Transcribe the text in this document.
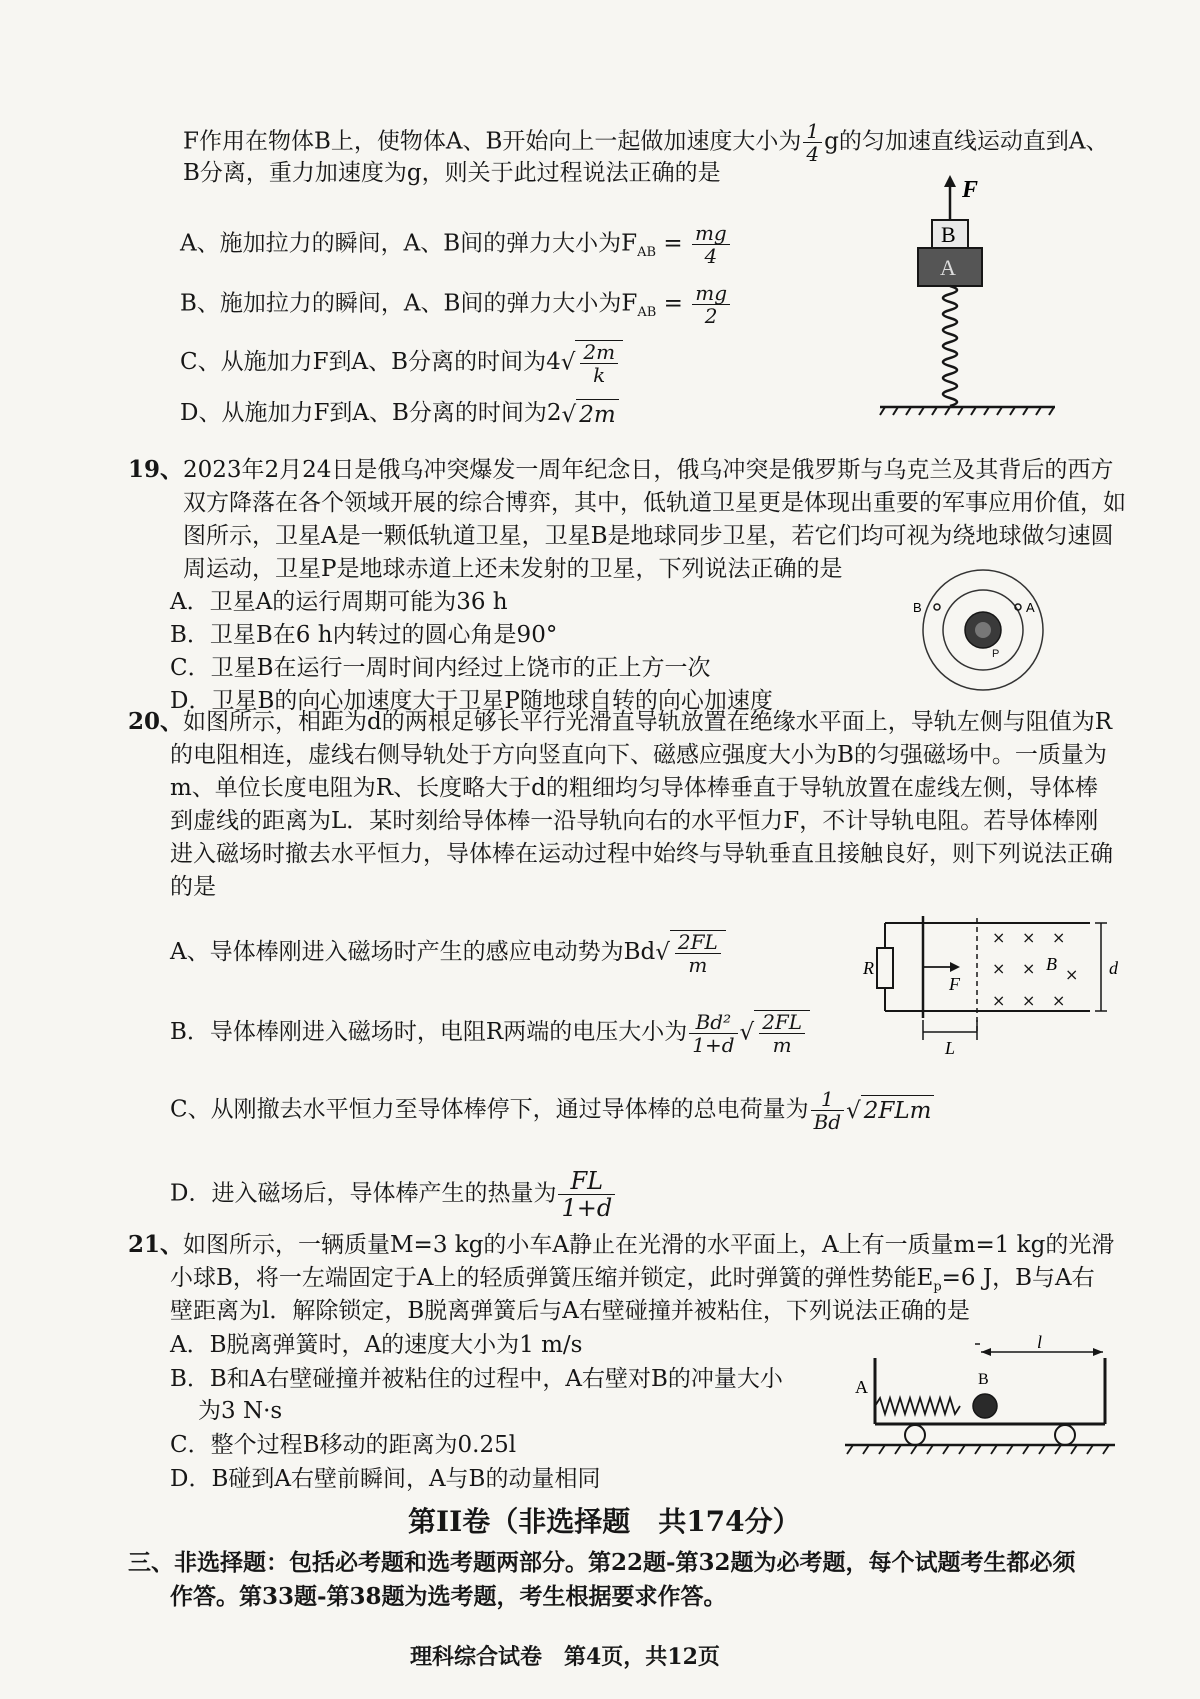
F作用在物体B上，使物体A、B开始向上一起做加速度大小为 $\frac{1}{4}$ g的匀加速直线运动直到A、
B分离，重力加速度为g，则关于此过程说法正确的是
A、施加拉力的瞬间，A、B间的弹力大小为$F_{AB} = \frac{mg}{4}$
B、施加拉力的瞬间，A、B间的弹力大小为$F_{AB} = \frac{mg}{2}$
C、从施加力F到A、B分离的时间为$4√ \frac{2m}{k}$
D、从施加力F到A、B分离的时间为2√ 2m
F
B
A
19、 2023年2月24日是俄乌冲突爆发一周年纪念日，俄乌冲突是俄罗斯与乌克兰及其背后的西方
双方降落在各个领域开展的综合博弈，其中，低轨道卫星更是体现出重要的军事应用价值，如
图所示，卫星A是一颗低轨道卫星，卫星B是地球同步卫星，若它们均可视为绕地球做匀速圆
周运动，卫星P是地球赤道上还未发射的卫星，下列说法正确的是
A．卫星A的运行周期可能为36 h
B．卫星B在6 h内转过的圆心角是90°
C．卫星B在运行一周时间内经过上饶市的正上方一次
D．卫星B的向心加速度大于卫星P随地球自转的向心加速度
B	A
P
20、 如图所示，相距为d的两根足够长平行光滑直导轨放置在绝缘水平面上，导轨左侧与阻值为R
的电阻相连，虚线右侧导轨处于方向竖直向下、磁感应强度大小为B的匀强磁场中。一质量为
m、单位长度电阻为R、长度略大于d的粗细均匀导体棒垂直于导轨放置在虚线左侧，导体棒
到虚线的距离为L．某时刻给导体棒一沿导轨向右的水平恒力F，不计导轨电阻。若导体棒刚
进入磁场时撤去水平恒力，导体棒在运动过程中始终与导轨垂直且接触良好，则下列说法正确
的是
A、导体棒刚进入磁场时产生的感应电动势为$Bd√ \frac{2FL}{m}$
B．导体棒刚进入磁场时，电阻R两端的电压大小为 $\frac{\text{Bd²}}{1+d}$ √ $\frac{2FL}{m}$
C、从刚撤去水平恒力至导体棒停下，通过导体棒的总电荷量为 $\frac{1}{Bd}$ √ 2FLm
D．进入磁场后，导体棒产生的热量为 $\frac{FL}{1+d}$
R
F
× × ×
× × ×
× × ×
B	d
L
21、 如图所示，一辆质量M=3 kg的小车A静止在光滑的水平面上，A上有一质量m=1 kg的光滑
小球B，将一左端固定于A上的轻质弹簧压缩并锁定，此时弹簧的弹性势能$E_p=6$ J，B与A右
壁距离为l．解除锁定，B脱离弹簧后与A右壁碰撞并被粘住，下列说法正确的是
A．B脱离弹簧时，A的速度大小为1 m/s
B．B和A右壁碰撞并被粘住的过程中，A右壁对B的冲量大小
为3 N·s
C．整个过程B移动的距离为0.25l
D．B碰到A右壁前瞬间，A与B的动量相同
l
A	B
第II卷（非选择题　共174分）
三、非选择题：包括必考题和选考题两部分。第22题-第32题为必考题，每个试题考生都必须
作答。第33题-第38题为选考题，考生根据要求作答。
理科综合试卷　第4页，共12页
